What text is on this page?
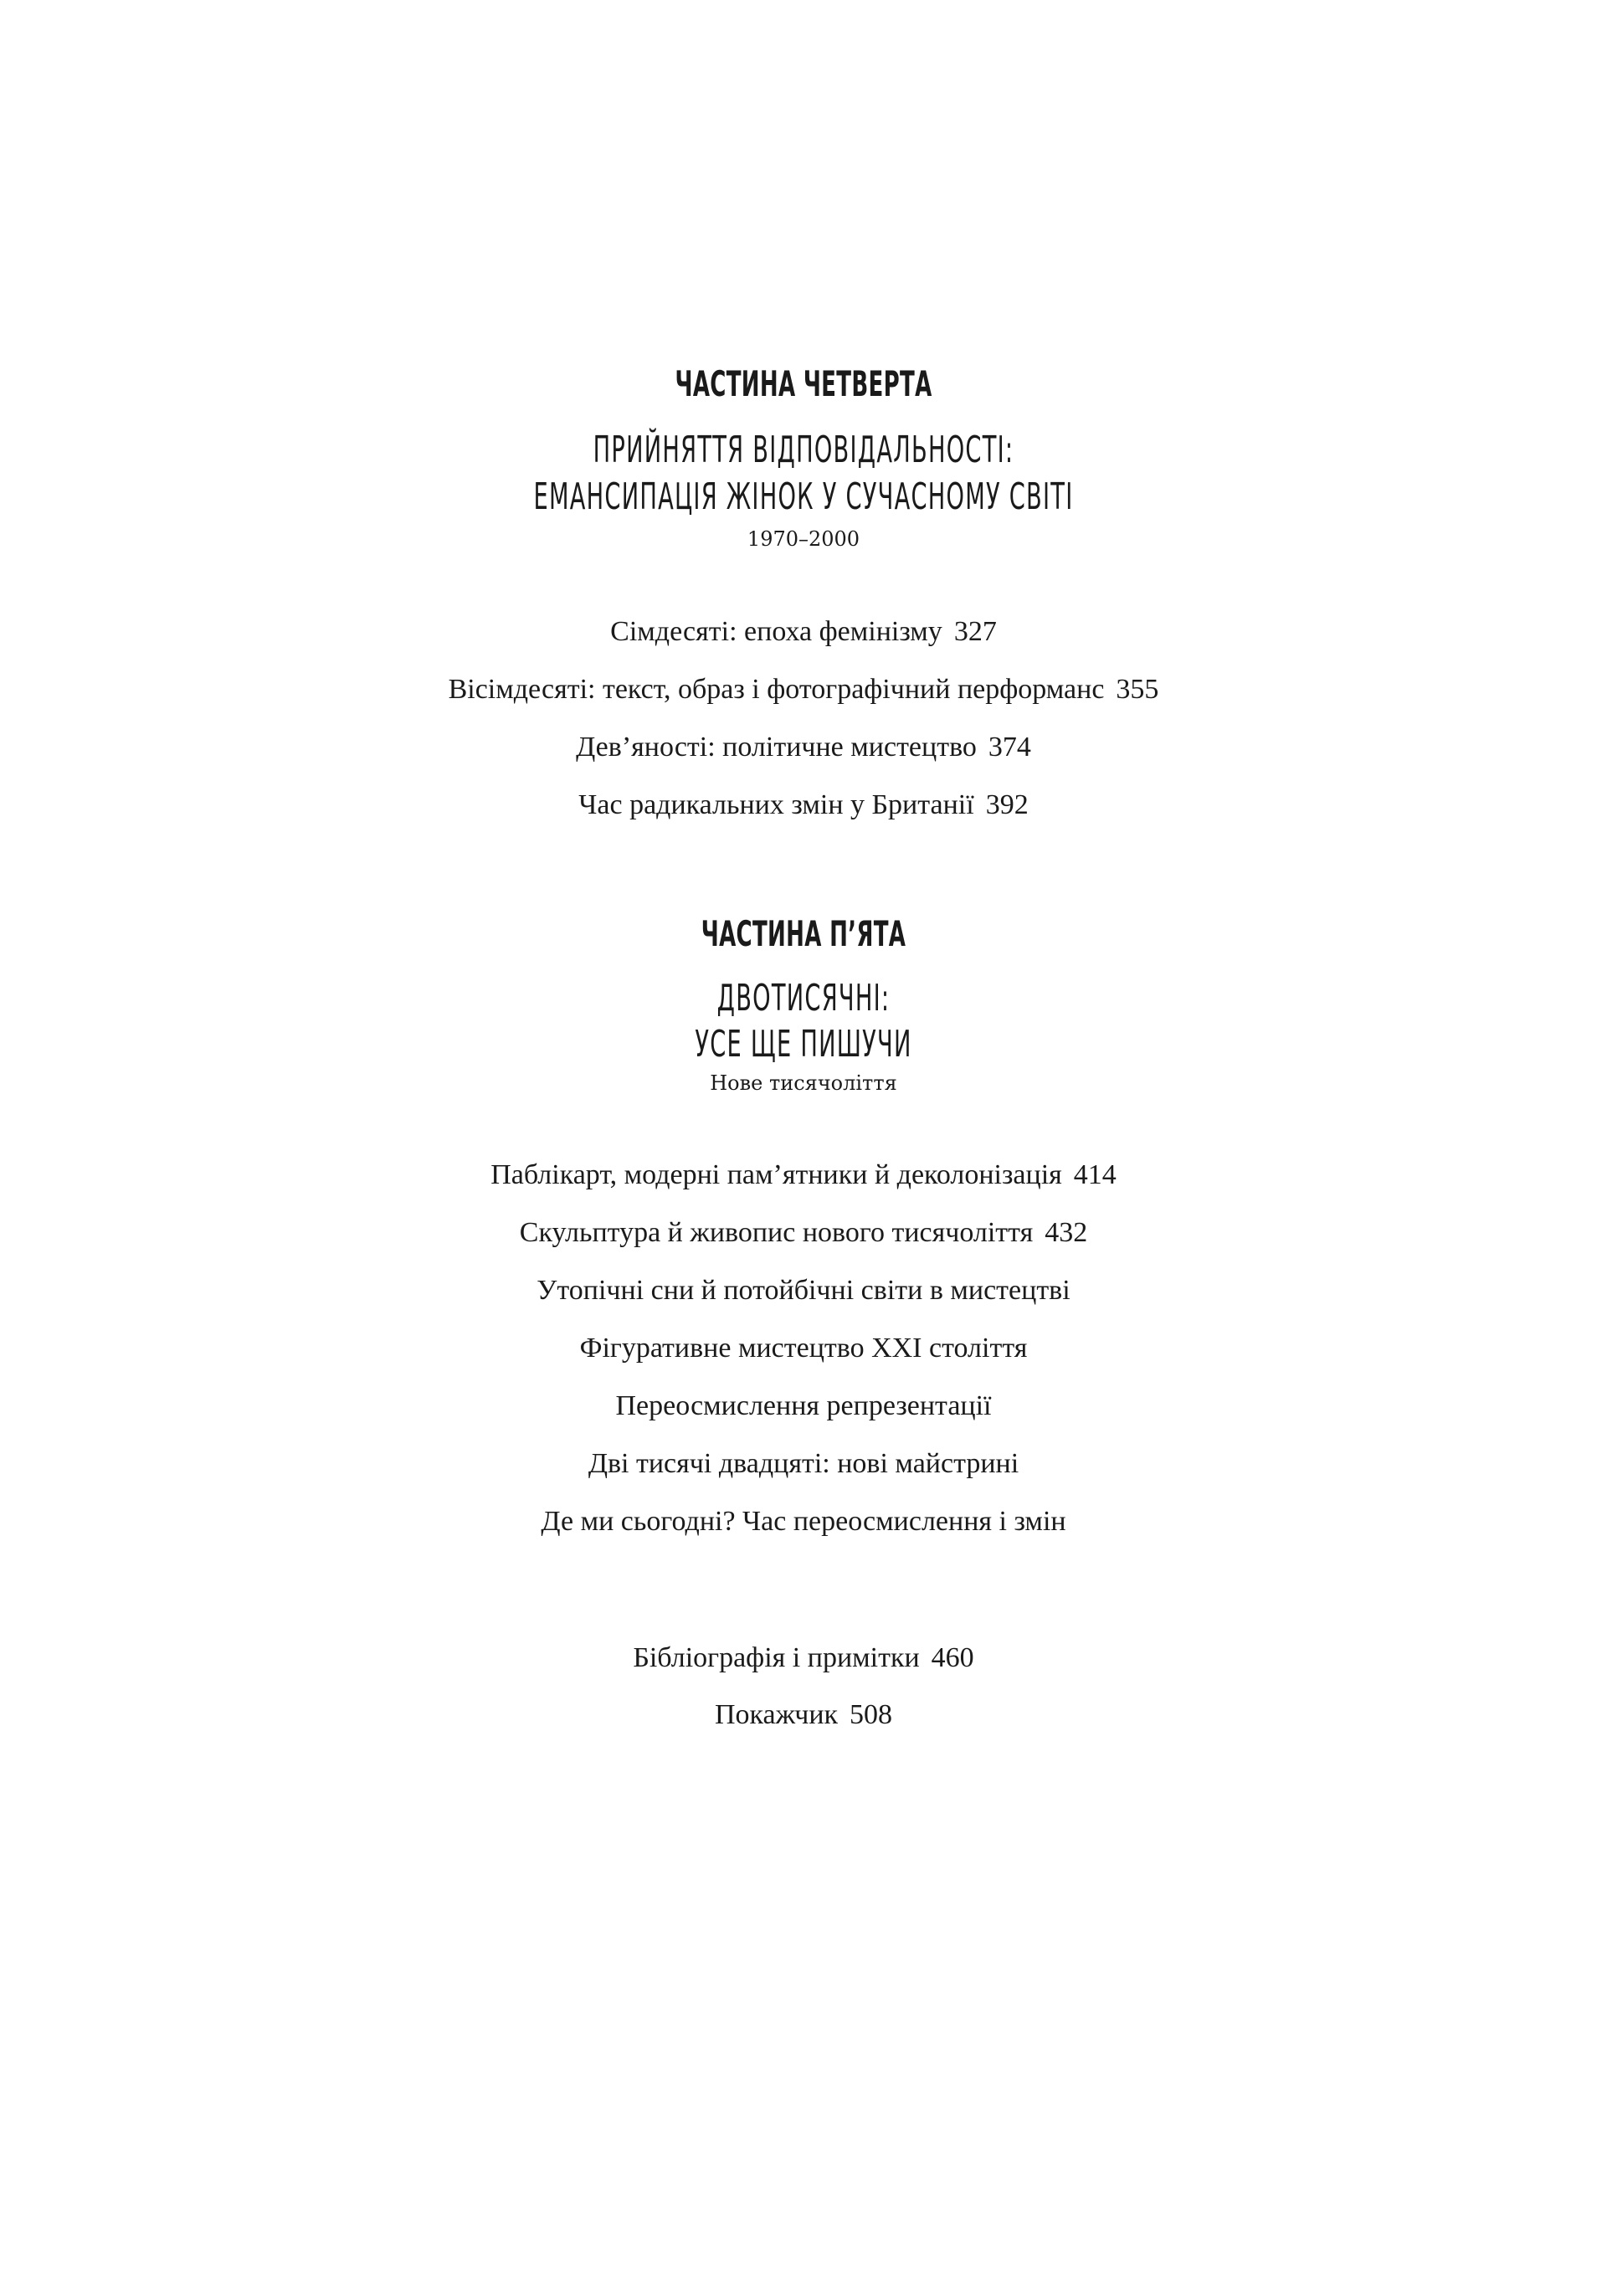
ЧАСТИНА ЧЕТВЕРТА
ПРИЙНЯТТЯ ВІДПОВІДАЛЬНОСТІ:
ЕМАНСИПАЦІЯ ЖІНОК У СУЧАСНОМУ СВІТІ
1970–2000
Сімдесяті: епоха фемінізму 327
Вісімдесяті: текст, образ і фотографічний перформанс 355
Дев’яності: політичне мистецтво 374
Час радикальних змін у Британії 392
ЧАСТИНА П’ЯТА
ДВОТИСЯЧНІ:
УСЕ ЩЕ ПИШУЧИ
Нове тисячоліття
Паблікарт, модерні пам’ятники й деколонізація 414
Скульптура й живопис нового тисячоліття 432
Утопічні сни й потойбічні світи в мистецтві
Фігуративне мистецтво XXI століття
Переосмислення репрезентації
Дві тисячі двадцяті: нові майстрині
Де ми сьогодні? Час переосмислення і змін
Бібліографія і примітки 460
Покажчик 508
